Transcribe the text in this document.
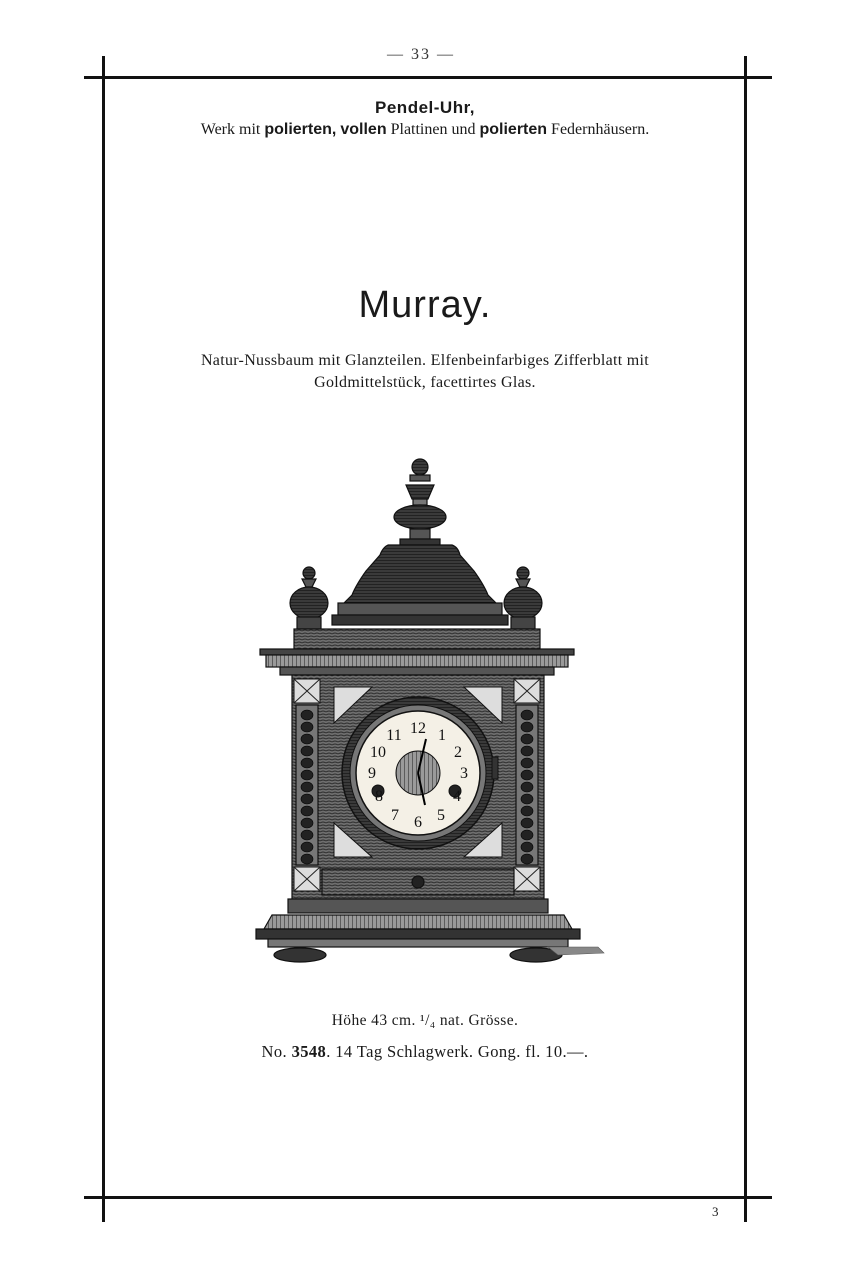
— 33 —
Pendel-Uhr,
Werk mit polierten, vollen Plattinen und polierten Federnhäusern.
Murray.
Natur-Nussbaum mit Glanzteilen. Elfenbeinfarbiges Zifferblatt mit
Goldmittelstück, facettirtes Glas.
12 1
2
3
4
5
6
7
8
9
10
11
Höhe 43 cm. ¹/₄ nat. Grösse.
No. 3548. 14 Tag Schlagwerk. Gong. fl. 10.—.
3
